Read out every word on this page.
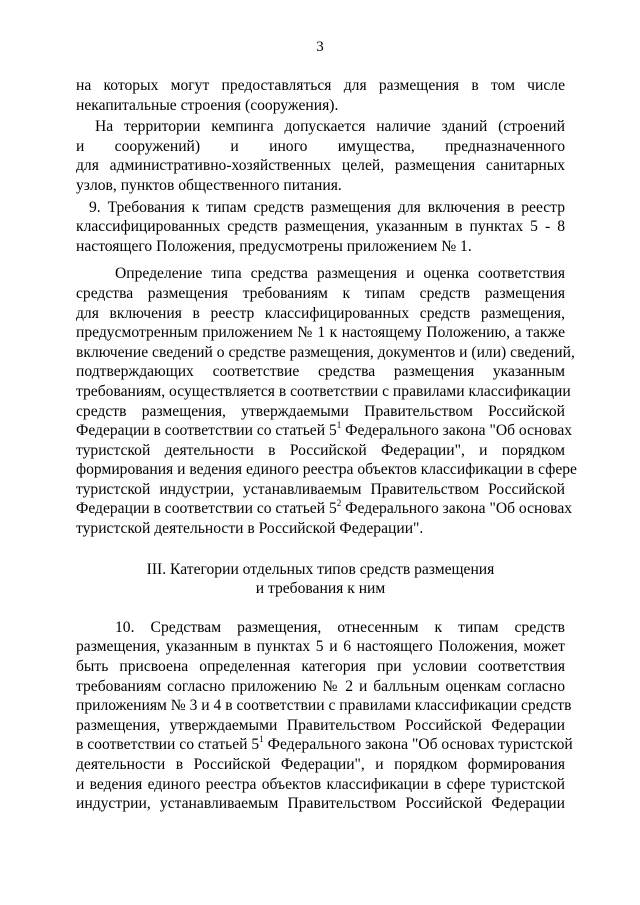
3
на которых могут предоставляться для размещения в том числе
некапитальные строения (сооружения).
На территории кемпинга допускается наличие зданий (строений
и сооружений) и иного имущества, предназначенного
для административно-хозяйственных целей, размещения санитарных
узлов, пунктов общественного питания.
9. Требования к типам средств размещения для включения в реестр
классифицированных средств размещения, указанным в пунктах 5 - 8
настоящего Положения, предусмотрены приложением № 1.
Определение типа средства размещения и оценка соответствия
средства размещения требованиям к типам средств размещения
для включения в реестр классифицированных средств размещения,
предусмотренным приложением № 1 к настоящему Положению, а также
включение сведений о средстве размещения, документов и (или) сведений,
подтверждающих соответствие средства размещения указанным
требованиям, осуществляется в соответствии с правилами классификации
средств размещения, утверждаемыми Правительством Российской
Федерации в соответствии со статьей $5^1$ Федерального закона "Об основах
туристской деятельности в Российской Федерации", и порядком
формирования и ведения единого реестра объектов классификации в сфере
туристской индустрии, устанавливаемым Правительством Российской
Федерации в соответствии со статьей $5^2$ Федерального закона "Об основах
туристской деятельности в Российской Федерации".
III. Категории отдельных типов средств размещения
и требования к ним
10. Средствам размещения, отнесенным к типам средств
размещения, указанным в пунктах 5 и 6 настоящего Положения, может
быть присвоена определенная категория при условии соответствия
требованиям согласно приложению № 2 и балльным оценкам согласно
приложениям № 3 и 4 в соответствии с правилами классификации средств
размещения, утверждаемыми Правительством Российской Федерации
в соответствии со статьей $5^1$ Федерального закона "Об основах туристской
деятельности в Российской Федерации", и порядком формирования
и ведения единого реестра объектов классификации в сфере туристской
индустрии, устанавливаемым Правительством Российской Федерации
